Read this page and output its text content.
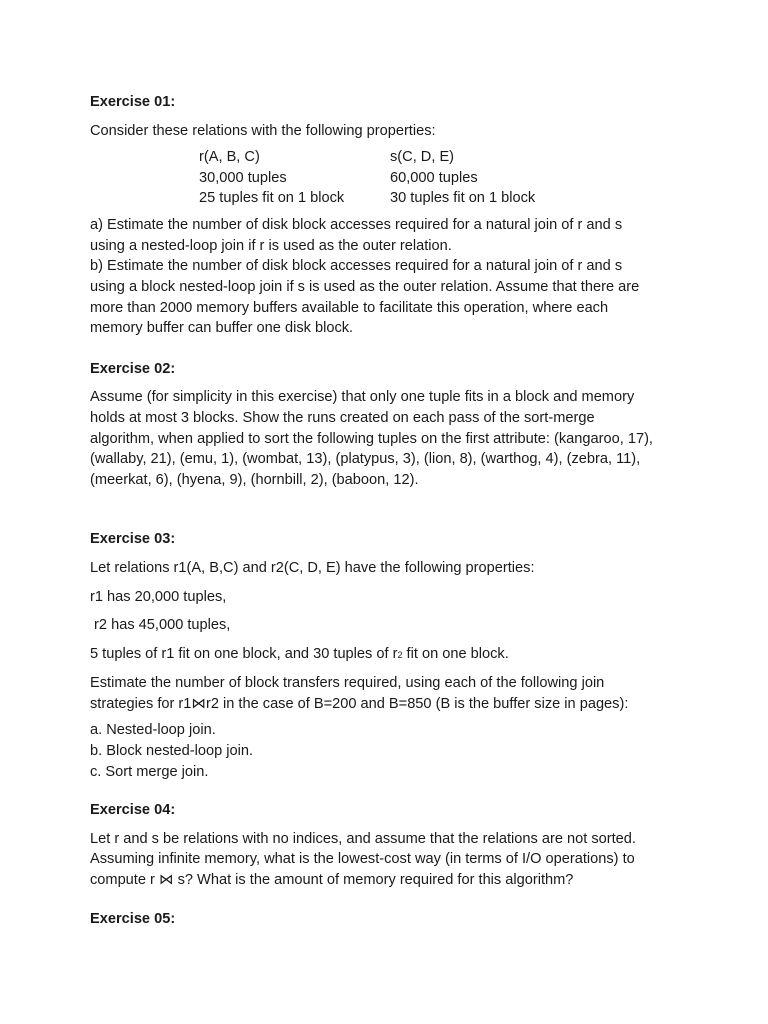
Exercise 01:

Consider these relations with the following properties:

r(A, B, C)
30,000 tuples
25 tuples fit on 1 block
s(C, D, E)
60,000 tuples
30 tuples fit on 1 block

a) Estimate the number of disk block accesses required for a natural join of r and s
using a nested-loop join if r is used as the outer relation.

b) Estimate the number of disk block accesses required for a natural join of r and s
using a block nested-loop join if s is used as the outer relation. Assume that there are
more than 2000 memory buffers available to facilitate this operation, where each
memory buffer can buffer one disk block.

Exercise 02:

Assume (for simplicity in this exercise) that only one tuple fits in a block and memory
holds at most 3 blocks. Show the runs created on each pass of the sort-merge
algorithm, when applied to sort the following tuples on the first attribute: (kangaroo, 17),
(wallaby, 21), (emu, 1), (wombat, 13), (platypus, 3), (lion, 8), (warthog, 4), (zebra, 11),
(meerkat, 6), (hyena, 9), (hornbill, 2), (baboon, 12).

Exercise 03:

Let relations r1(A, B,C) and r2(C, D, E) have the following properties:

r1 has 20,000 tuples,

r2 has 45,000 tuples,

5 tuples of r1 fit on one block, and 30 tuples of r2 fit on one block.

Estimate the number of block transfers required, using each of the following join
strategies for r1⋈r2 in the case of B=200 and B=850 (B is the buffer size in pages):

a. Nested-loop join.
b. Block nested-loop join.
c. Sort merge join.

Exercise 04:

Let r and s be relations with no indices, and assume that the relations are not sorted.
Assuming infinite memory, what is the lowest-cost way (in terms of I/O operations) to
compute r ⋈ s? What is the amount of memory required for this algorithm?

Exercise 05:
